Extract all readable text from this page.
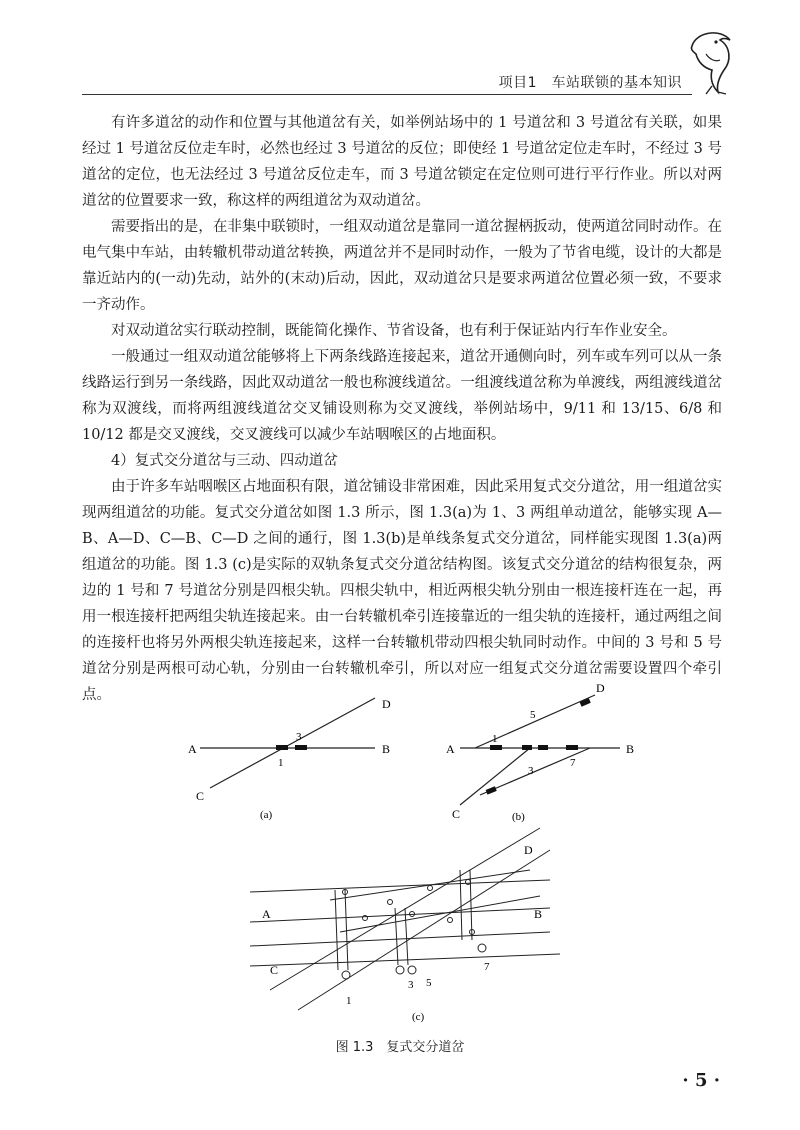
项目1　车站联锁的基本知识

有许多道岔的动作和位置与其他道岔有关，如举例站场中的 1 号道岔和 3 号道岔有关联，如果经过 1 号道岔反位走车时，必然也经过 3 号道岔的反位；即使经 1 号道岔定位走车时，不经过 3 号道岔的定位，也无法经过 3 号道岔反位走车，而 3 号道岔锁定在定位则可进行平行作业。所以对两道岔的位置要求一致，称这样的两组道岔为双动道岔。

需要指出的是，在非集中联锁时，一组双动道岔是靠同一道岔握柄扳动，使两道岔同时动作。在电气集中车站，由转辙机带动道岔转换，两道岔并不是同时动作，一般为了节省电缆，设计的大都是靠近站内的(一动)先动，站外的(末动)后动，因此，双动道岔只是要求两道岔位置必须一致，不要求一齐动作。

对双动道岔实行联动控制，既能简化操作、节省设备，也有利于保证站内行车作业安全。

一般通过一组双动道岔能够将上下两条线路连接起来，道岔开通侧向时，列车或车列可以从一条线路运行到另一条线路，因此双动道岔一般也称渡线道岔。一组渡线道岔称为单渡线，两组渡线道岔称为双渡线，而将两组渡线道岔交叉铺设则称为交叉渡线，举例站场中，9/11 和 13/15、6/8 和 10/12 都是交叉渡线，交叉渡线可以减少车站咽喉区的占地面积。

4）复式交分道岔与三动、四动道岔

由于许多车站咽喉区占地面积有限，道岔铺设非常困难，因此采用复式交分道岔，用一组道岔实现两组道岔的功能。复式交分道岔如图 1.3 所示，图 1.3(a)为 1、3 两组单动道岔，能够实现 A—B、A—D、C—B、C—D 之间的通行，图 1.3(b)是单线条复式交分道岔，同样能实现图 1.3(a)两组道岔的功能。图 1.3 (c)是实际的双轨条复式交分道岔结构图。该复式交分道岔的结构很复杂，两边的 1 号和 7 号道岔分别是四根尖轨。四根尖轨中，相近两根尖轨分别由一根连接杆连在一起，再用一根连接杆把两组尖轨连接起来。由一台转辙机牵引连接靠近的一组尖轨的连接杆，通过两组之间的连接杆也将另外两根尖轨连接起来，这样一台转辙机带动四根尖轨同时动作。中间的 3 号和 5 号道岔分别是两根可动心轨，分别由一台转辙机牵引，所以对应一组复式交分道岔需要设置四个牵引点。

A	B
C
D
1
3
(a)
A	B
C
D
1
3
5
7
(b)
A	B
C
D
1
3 5
7
(c)
图 1.3　复式交分道岔
· 5 ·
